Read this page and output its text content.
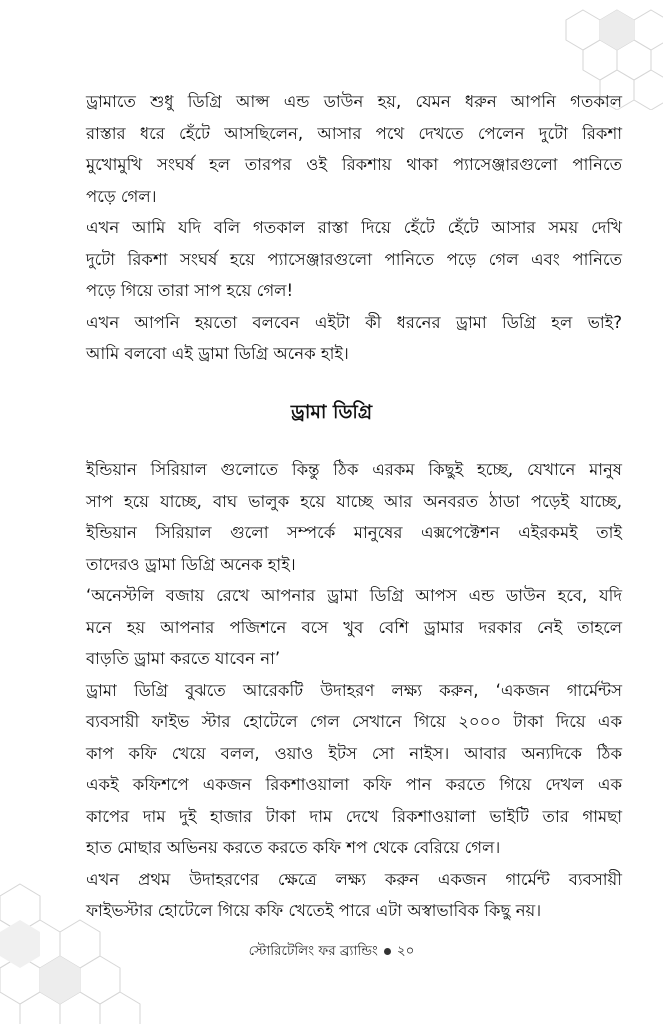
ড্রামাতে শুধু ডিগ্রি আপ্স এন্ড ডাউন হয়, যেমন ধরুন আপনি গতকাল
রাস্তার ধরে হেঁটে আসছিলেন, আসার পথে দেখতে পেলেন দুটো রিকশা
মুখোমুখি সংঘর্ষ হল তারপর ওই রিকশায় থাকা প্যাসেঞ্জারগুলো পানিতে
পড়ে গেল।
এখন আমি যদি বলি গতকাল রাস্তা দিয়ে হেঁটে হেঁটে আসার সময় দেখি
দুটো রিকশা সংঘর্ষ হয়ে প্যাসেঞ্জারগুলো পানিতে পড়ে গেল এবং পানিতে
পড়ে গিয়ে তারা সাপ হয়ে গেল!
এখন আপনি হয়তো বলবেন এইটা কী ধরনের ড্রামা ডিগ্রি হল ভাই?
আমি বলবো এই ড্রামা ডিগ্রি অনেক হাই।
ড্রামা ডিগ্রি
ইন্ডিয়ান সিরিয়াল গুলোতে কিন্তু ঠিক এরকম কিছুই হচ্ছে, যেখানে মানুষ
সাপ হয়ে যাচ্ছে, বাঘ ভালুক হয়ে যাচ্ছে আর অনবরত ঠাডা পড়েই যাচ্ছে,
ইন্ডিয়ান সিরিয়াল গুলো সম্পর্কে মানুষের এক্সপেক্টেশন এইরকমই তাই
তাদেরও ড্রামা ডিগ্রি অনেক হাই।
‘অনেস্টলি বজায় রেখে আপনার ড্রামা ডিগ্রি আপস এন্ড ডাউন হবে, যদি
মনে হয় আপনার পজিশনে বসে খুব বেশি ড্রামার দরকার নেই তাহলে
বাড়তি ড্রামা করতে যাবেন না’
ড্রামা ডিগ্রি বুঝতে আরেকটি উদাহরণ লক্ষ্য করুন, ‘একজন গার্মেন্টস
ব্যবসায়ী ফাইভ স্টার হোটেলে গেল সেখানে গিয়ে ২০০০ টাকা দিয়ে এক
কাপ কফি খেয়ে বলল, ওয়াও ইটস সো নাইস। আবার অন্যদিকে ঠিক
একই কফিশপে একজন রিকশাওয়ালা কফি পান করতে গিয়ে দেখল এক
কাপের দাম দুই হাজার টাকা দাম দেখে রিকশাওয়ালা ভাইটি তার গামছা
হাত মোছার অভিনয় করতে করতে কফি শপ থেকে বেরিয়ে গেল।
এখন প্রথম উদাহরণের ক্ষেত্রে লক্ষ্য করুন একজন গার্মেন্ট ব্যবসায়ী
ফাইভস্টার হোটেলে গিয়ে কফি খেতেই পারে এটা অস্বাভাবিক কিছু নয়।
স্টোরিটেলিং ফর ব্র্যান্ডিং ২০
